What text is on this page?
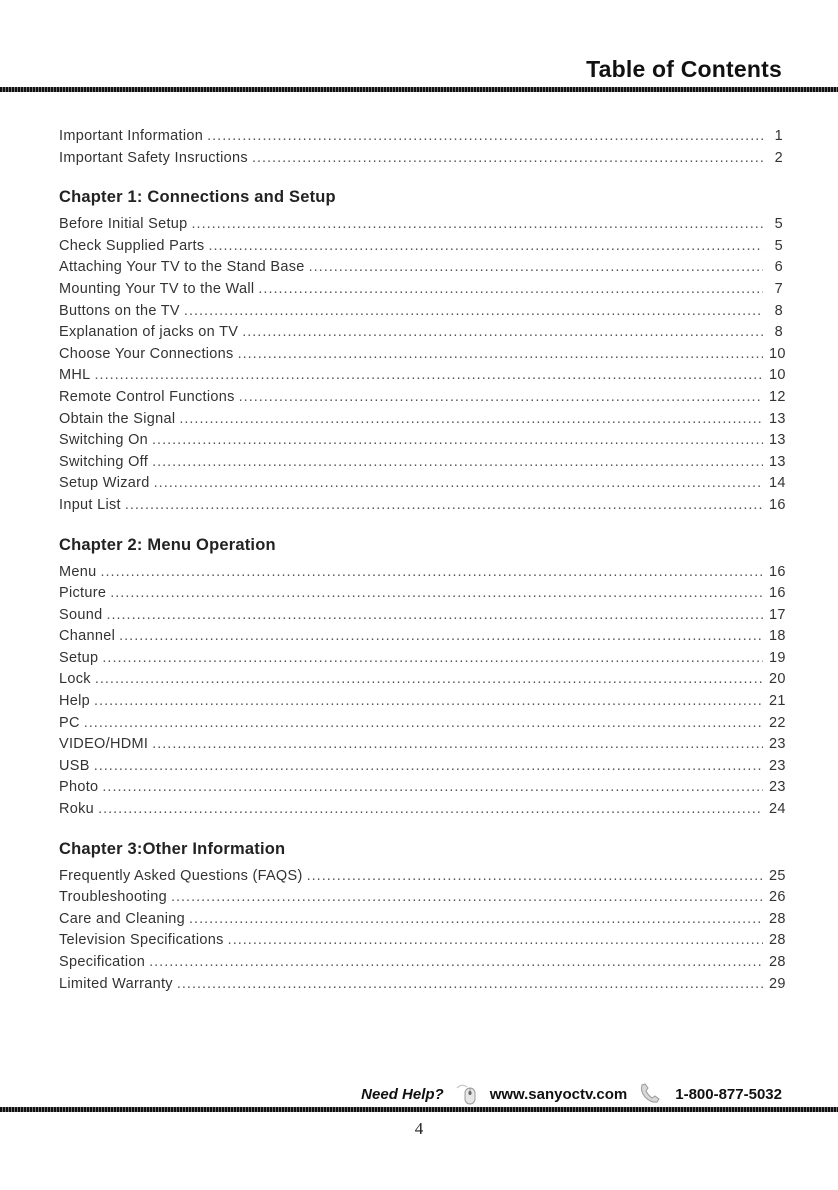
Table of Contents
Important Information .....	1
Important Safety Insructions .....	2
Chapter 1: Connections and Setup
Before Initial Setup .....	5
Check Supplied Parts .....	5
Attaching Your TV to the Stand Base .....	6
Mounting Your TV to the Wall .....	7
Buttons on the TV .....	8
Explanation of jacks on TV .....	8
Choose Your Connections .....	10
MHL .....	10
Remote Control Functions .....	12
Obtain the Signal .....	13
Switching On .....	13
Switching Off .....	13
Setup Wizard .....	14
Input List .....	16
Chapter 2: Menu Operation
Menu .....	16
Picture .....	16
Sound .....	17
Channel .....	18
Setup .....	19
Lock .....	20
Help .....	21
PC .....	22
VIDEO/HDMI .....	23
USB .....	23
Photo .....	23
Roku .....	24
Chapter 3:Other Information
Frequently Asked Questions (FAQS) .....	25
Troubleshooting .....	26
Care and Cleaning .....	28
Television Specifications .....	28
Specification .....	28
Limited Warranty .....	29
Need Help?	www.sanyoctv.com	1-800-877-5032
4
